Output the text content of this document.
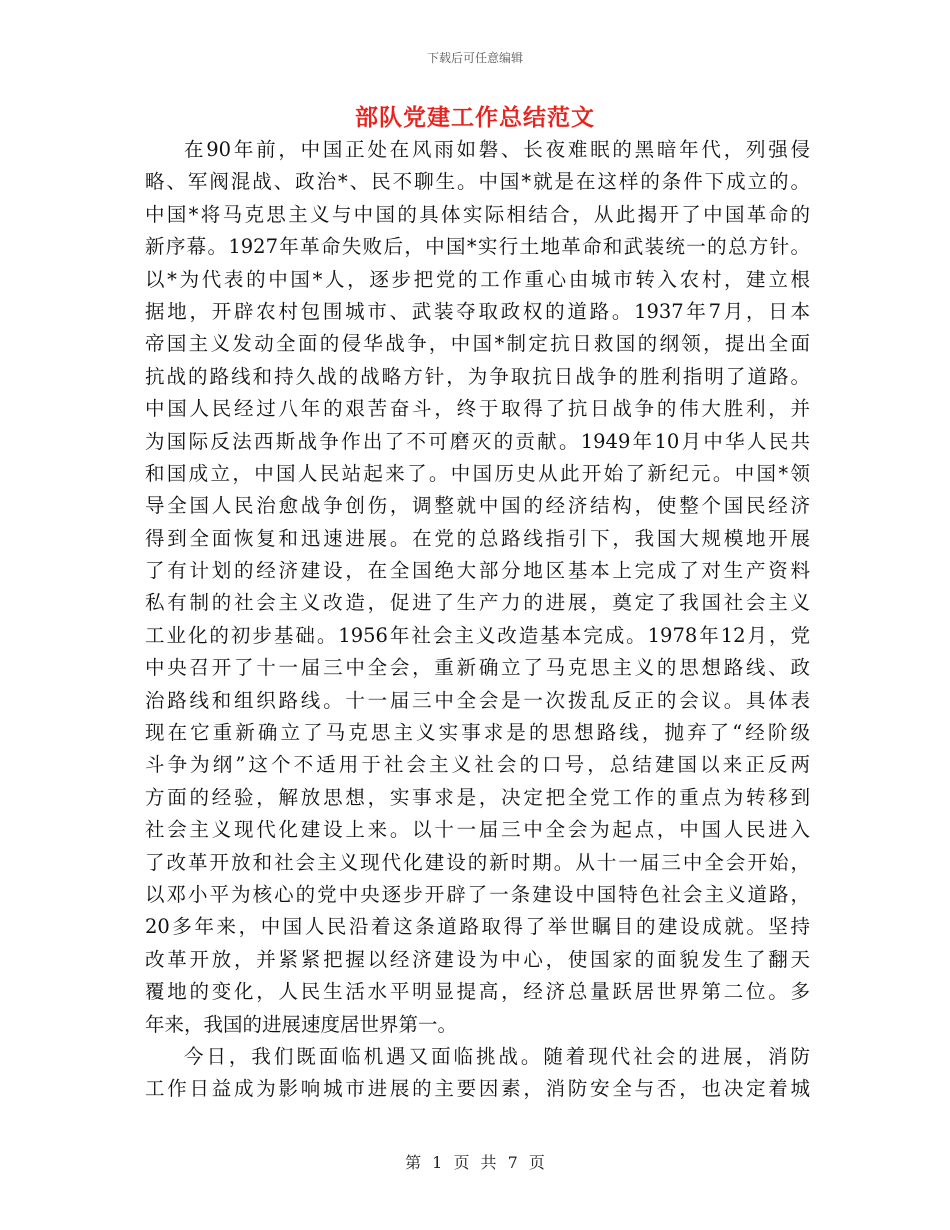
下载后可任意编辑
部队党建工作总结范文
在90年前，中国正处在风雨如磐、长夜难眠的黑暗年代，列强侵
略、军阀混战、政治*、民不聊生。中国*就是在这样的条件下成立的。
中国*将马克思主义与中国的具体实际相结合，从此揭开了中国革命的
新序幕。1927年革命失败后，中国*实行土地革命和武装统一的总方针。
以*为代表的中国*人，逐步把党的工作重心由城市转入农村，建立根
据地，开辟农村包围城市、武装夺取政权的道路。1937年7月，日本
帝国主义发动全面的侵华战争，中国*制定抗日救国的纲领，提出全面
抗战的路线和持久战的战略方针，为争取抗日战争的胜利指明了道路。
中国人民经过八年的艰苦奋斗，终于取得了抗日战争的伟大胜利，并
为国际反法西斯战争作出了不可磨灭的贡献。1949年10月中华人民共
和国成立，中国人民站起来了。中国历史从此开始了新纪元。中国*领
导全国人民治愈战争创伤，调整就中国的经济结构，使整个国民经济
得到全面恢复和迅速进展。在党的总路线指引下，我国大规模地开展
了有计划的经济建设，在全国绝大部分地区基本上完成了对生产资料
私有制的社会主义改造，促进了生产力的进展，奠定了我国社会主义
工业化的初步基础。1956年社会主义改造基本完成。1978年12月，党
中央召开了十一届三中全会，重新确立了马克思主义的思想路线、政
治路线和组织路线。十一届三中全会是一次拨乱反正的会议。具体表
现在它重新确立了马克思主义实事求是的思想路线，抛弃了“经阶级
斗争为纲”这个不适用于社会主义社会的口号，总结建国以来正反两
方面的经验，解放思想，实事求是，决定把全党工作的重点为转移到
社会主义现代化建设上来。以十一届三中全会为起点，中国人民进入
了改革开放和社会主义现代化建设的新时期。从十一届三中全会开始，
以邓小平为核心的党中央逐步开辟了一条建设中国特色社会主义道路，
20多年来，中国人民沿着这条道路取得了举世瞩目的建设成就。坚持
改革开放，并紧紧把握以经济建设为中心，使国家的面貌发生了翻天
覆地的变化，人民生活水平明显提高，经济总量跃居世界第二位。多
年来，我国的进展速度居世界第一。
今日，我们既面临机遇又面临挑战。随着现代社会的进展，消防
工作日益成为影响城市进展的主要因素，消防安全与否，也决定着城
第 1 页 共 7 页
